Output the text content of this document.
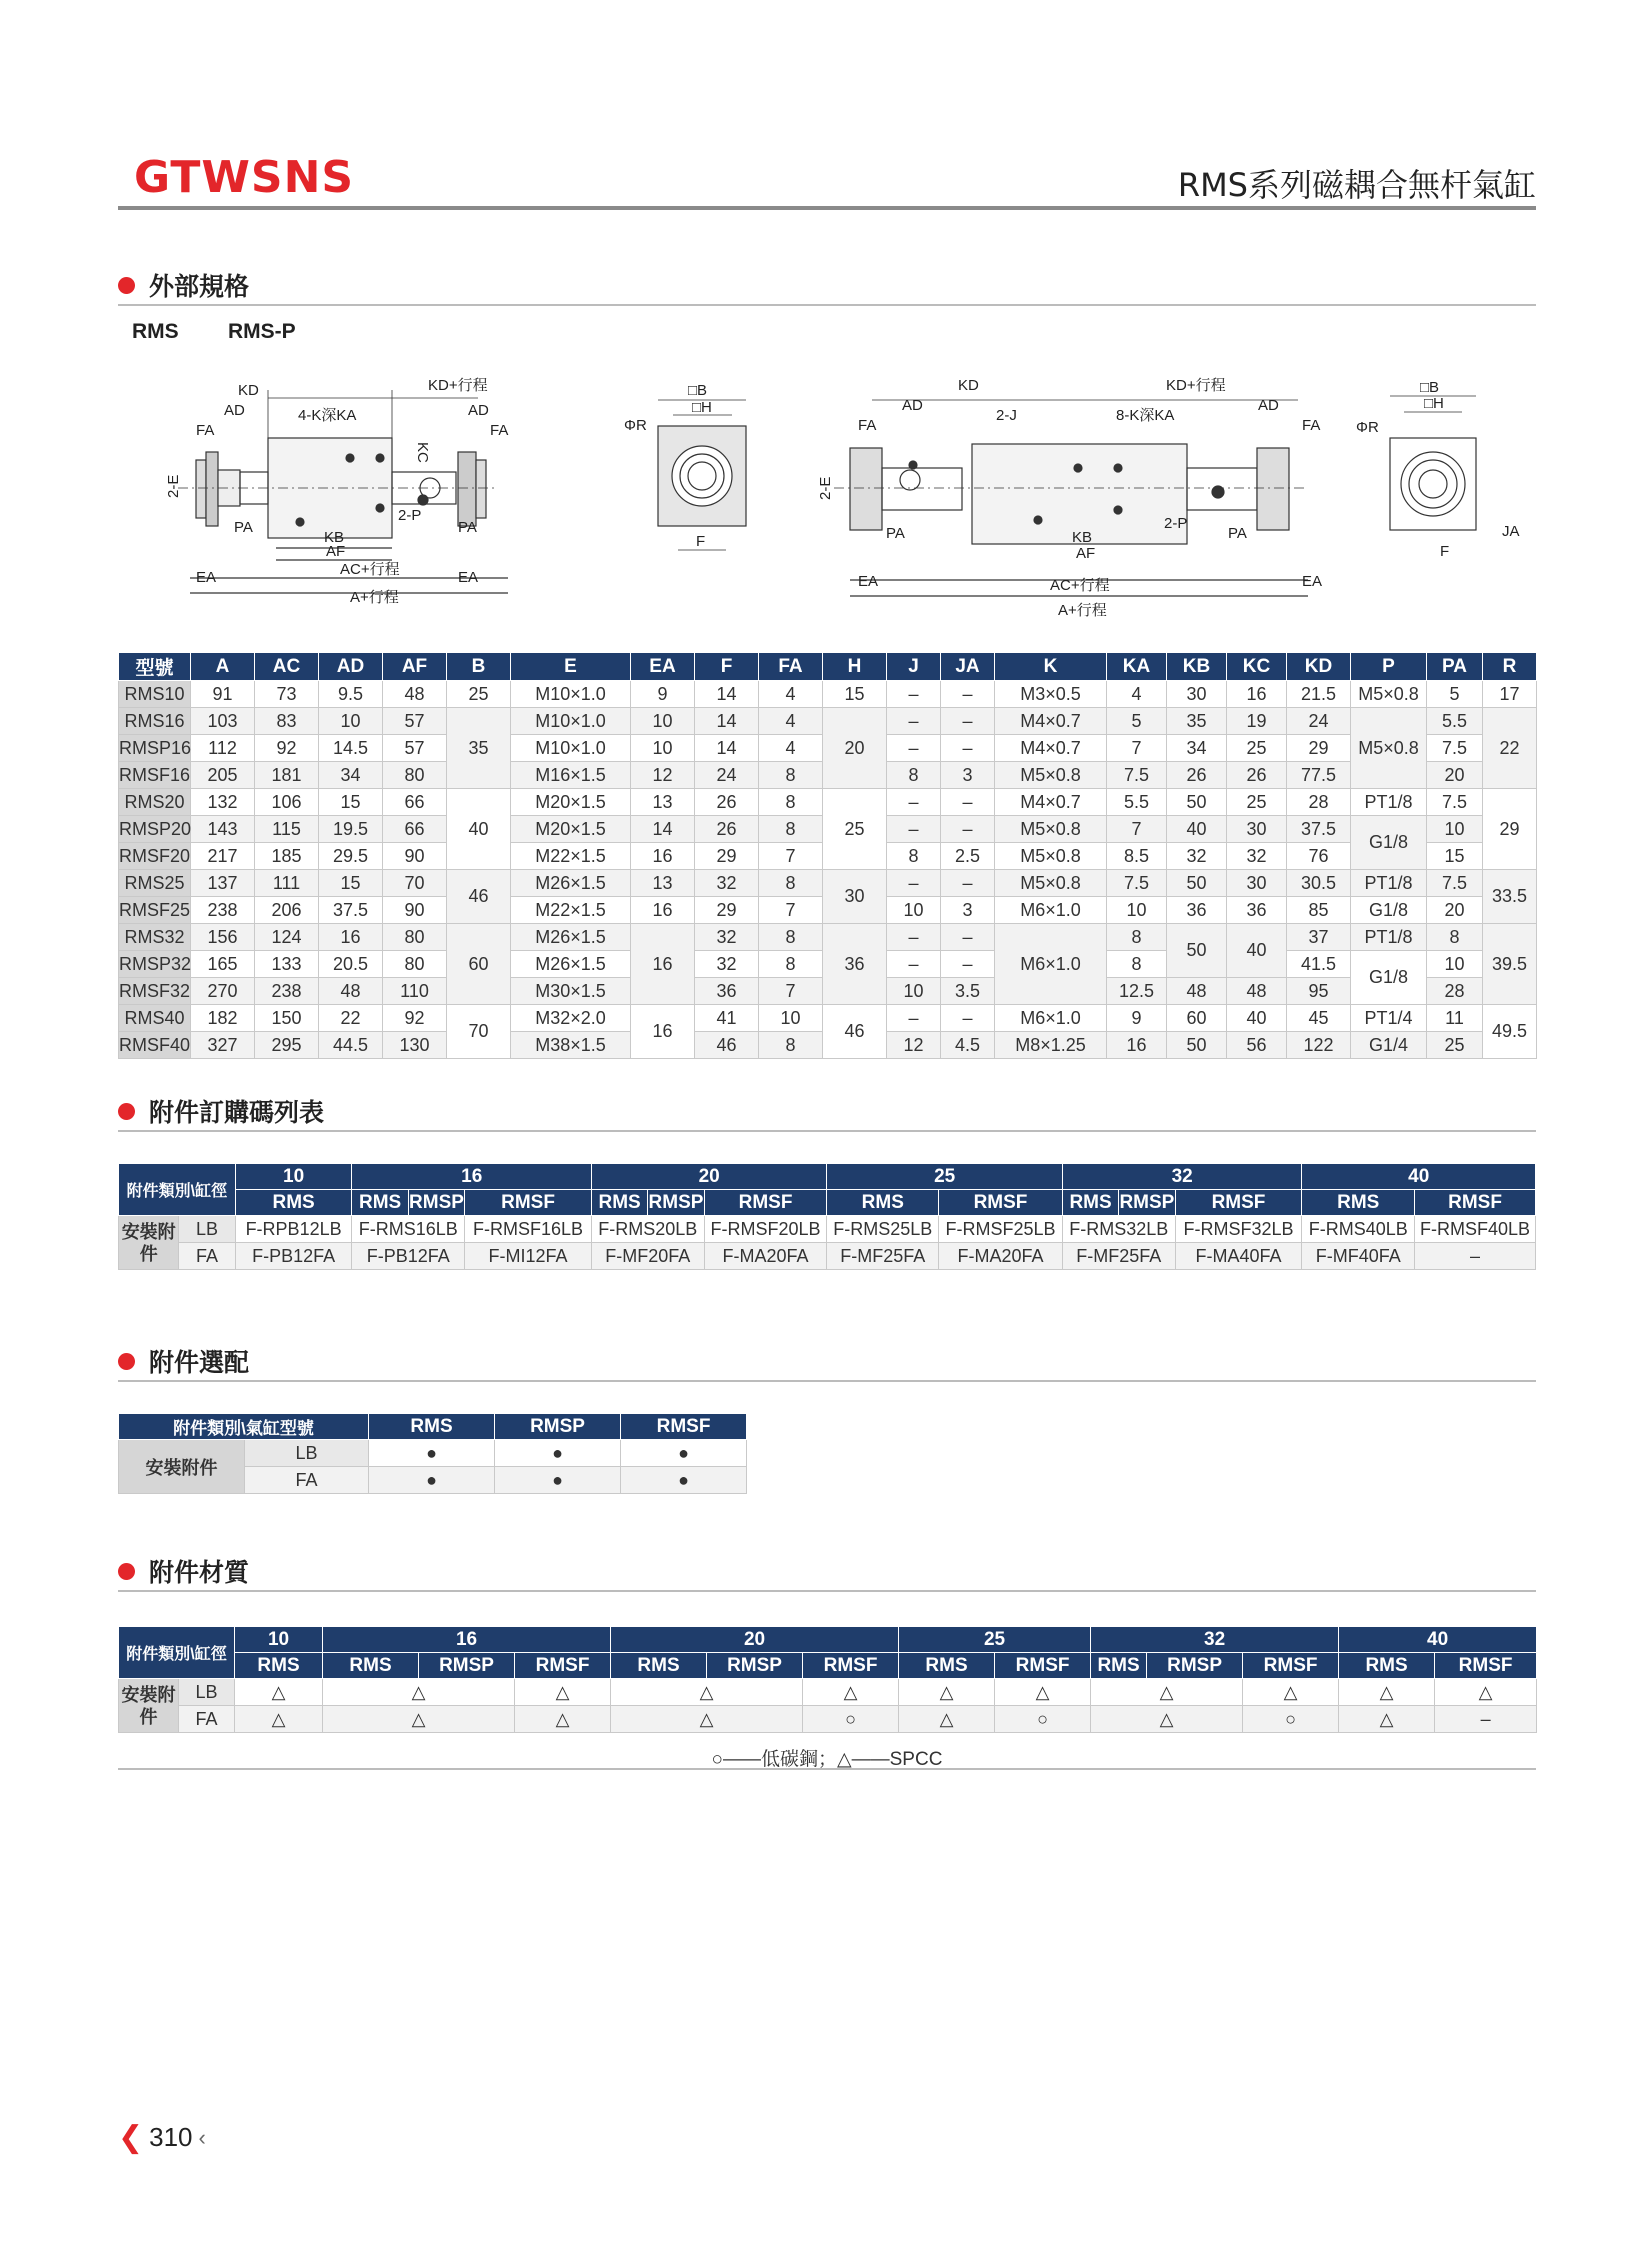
GTWSNS	RMS系列磁耦合無杆氣缸
外部規格
RMS RMS-P
KD
AD
FA
4-K深KA
KD+行程
AD
FA
PA
KB
AF
PA
EA
EA	AC+行程
A+行程
2-P
KC
2-E
□B
□H
ΦR
F
KD
AD
FA
2-J	8-K深KA
KD+行程
AD
FA
PA	KB
AF
2-P
PA
EA	EA
AC+行程
A+行程
2-E
□B
□H
ΦR
F
JA
型號	A	AC	AD	AF	B	E	EA	F	FA	H	J	JA	K	KA	KB	KC	KD	P	PA	R
RMS10	91	73	9.5	48	25	M10×1.0	9	14	4	15	–	–	M3×0.5	4	30	16	21.5	M5×0.8	5	17
RMS16	103	83	10	57	35	M10×1.0	10	14	4	20	–	–	M4×0.7	5	35	19	24	M5×0.8	5.5	22
RMSP16	112	92	14.5	57		M10×1.0	10	14	4		–	–	M4×0.7	7	34	25	29		7.5	
RMSF16	205	181	34	80		M16×1.5	12	24	8		8	3	M5×0.8	7.5	26	26	77.5		20	
RMS20	132	106	15	66	40	M20×1.5	13	26	8	25	–	–	M4×0.7	5.5	50	25	28	PT1/8	7.5	29
RMSP20	143	115	19.5	66		M20×1.5	14	26	8		–	–	M5×0.8	7	40	30	37.5	G1/8	10	
RMSF20	217	185	29.5	90		M22×1.5	16	29	7		8	2.5	M5×0.8	8.5	32	32	76		15	
RMS25	137	111	15	70	46	M26×1.5	13	32	8	30	–	–	M5×0.8	7.5	50	30	30.5	PT1/8	7.5	33.5
RMSF25	238	206	37.5	90		M22×1.5	16	29	7		10	3	M6×1.0	10	36	36	85	G1/8	20	
RMS32	156	124	16	80	60	M26×1.5	16	32	8	36	–	–	M6×1.0	8	50	40	37	PT1/8	8	39.5
RMSP32	165	133	20.5	80		M26×1.5		32	8		–	–		8			41.5	G1/8	10	
RMSF32	270	238	48	110		M30×1.5		36	7		10	3.5		12.5	48	48	95		28	
RMS40	182	150	22	92	70	M32×2.0	16	41	10	46	–	–	M6×1.0	9	60	40	45	PT1/4	11	49.5
RMSF40	327	295	44.5	130		M38×1.5		46	8		12	4.5	M8×1.25	16	50	56	122	G1/4	25	
附件訂購碼列表
附件類別\缸徑		10	16			20			25		32			40	
		RMS	RMS	RMSP	RMSF	RMS	RMSP	RMSF	RMS	RMSF	RMS	RMSP	RMSF	RMS	RMSF
安裝附件	LB	F-RPB12LB	F-RMS16LB		F-RMSF16LB	F-RMS20LB		F-RMSF20LB	F-RMS25LB	F-RMSF25LB	F-RMS32LB		F-RMSF32LB	F-RMS40LB	F-RMSF40LB
	FA	F-PB12FA	F-PB12FA		F-MI12FA	F-MF20FA		F-MA20FA	F-MF25FA	F-MA20FA	F-MF25FA		F-MA40FA	F-MF40FA	–
附件選配
附件類別\氣缸型號		RMS	RMSP	RMSF
安裝附件	LB	●	●	●
	FA	●	●	●
附件材質
附件類別\缸徑		10	16			20			25		32			40	
		RMS	RMS	RMSP	RMSF	RMS	RMSP	RMSF	RMS	RMSF	RMS	RMSP	RMSF	RMS	RMSF
安裝附件	LB	△	△		△	△		△	△	△	△		△	△	△
	FA	△	△		△	△		○	△	○	△		○	△	–
○——低碳鋼；△——SPCC
❮ 310 ‹
